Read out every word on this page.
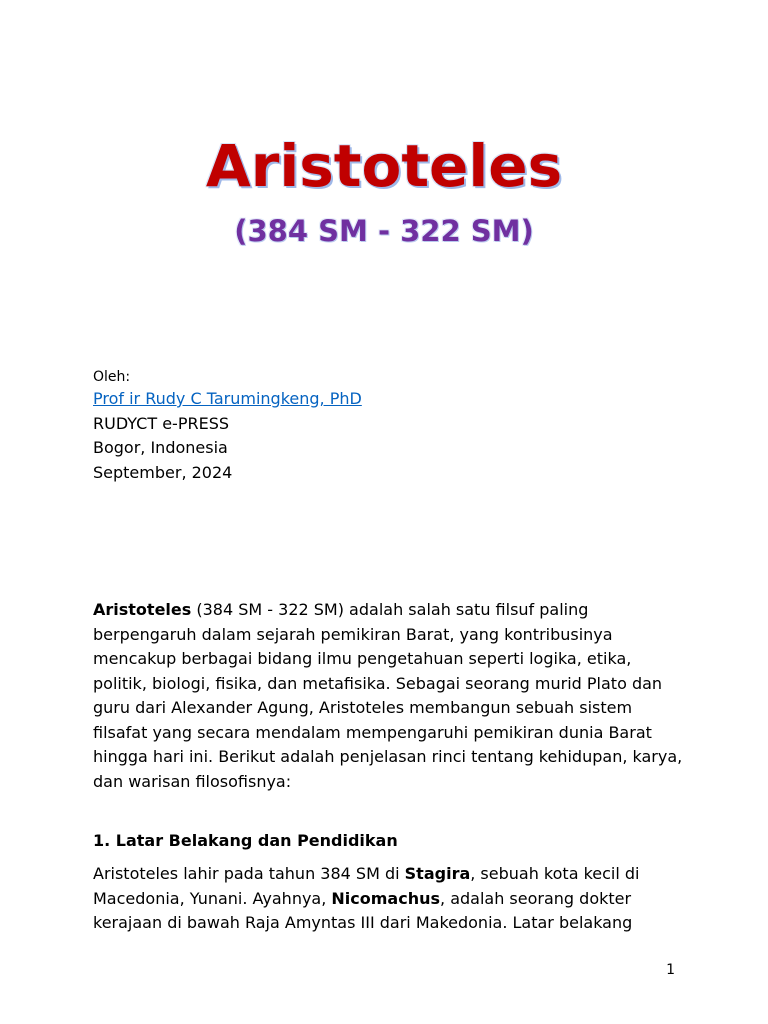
Aristoteles
(384 SM - 322 SM)
Oleh:
Prof ir Rudy C Tarumingkeng, PhD
RUDYCT e-PRESS
Bogor, Indonesia
September, 2024
Aristoteles (384 SM - 322 SM) adalah salah satu filsuf paling
berpengaruh dalam sejarah pemikiran Barat, yang kontribusinya
mencakup berbagai bidang ilmu pengetahuan seperti logika, etika,
politik, biologi, fisika, dan metafisika. Sebagai seorang murid Plato dan
guru dari Alexander Agung, Aristoteles membangun sebuah sistem
filsafat yang secara mendalam mempengaruhi pemikiran dunia Barat
hingga hari ini. Berikut adalah penjelasan rinci tentang kehidupan, karya,
dan warisan filosofisnya:
1. Latar Belakang dan Pendidikan
Aristoteles lahir pada tahun 384 SM di Stagira, sebuah kota kecil di
Macedonia, Yunani. Ayahnya, Nicomachus, adalah seorang dokter
kerajaan di bawah Raja Amyntas III dari Makedonia. Latar belakang
1
